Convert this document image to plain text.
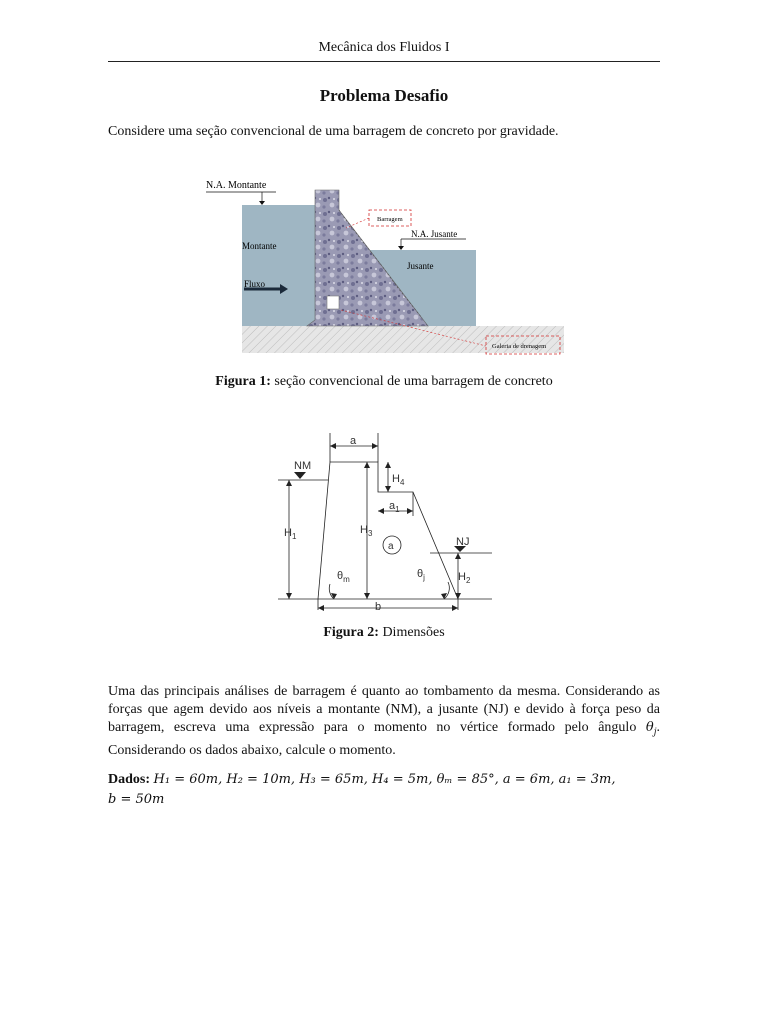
Mecânica dos Fluidos I
Problema Desafio
Considere uma seção convencional de uma barragem de concreto por gravidade.
N.A. Montante
Barragem
N.A. Jusante
Montante
Jusante
Fluxo
Galeria de drenagem
Figura 1: seção convencional de uma barragem de concreto
a
NM
$H_4$
$a_1$
$H_1$
$H_3$
a	NJ
$\theta_m$	$\theta_j$	$H_2$
b
Figura 2: Dimensões
Uma das principais análises de barragem é quanto ao tombamento da mesma. Considerando as forças que agem devido aos níveis a montante (NM), a jusante (NJ) e devido à força peso da barragem, escreva uma expressão para o momento no vértice formado pelo ângulo $\theta_j$. Considerando os dados abaixo, calcule o momento.
Dados: H₁ = 60m, H₂ = 10m, H₃ = 65m, H₄ = 5m, θₘ = 85°, a = 6m, a₁ = 3m,
b = 50m
